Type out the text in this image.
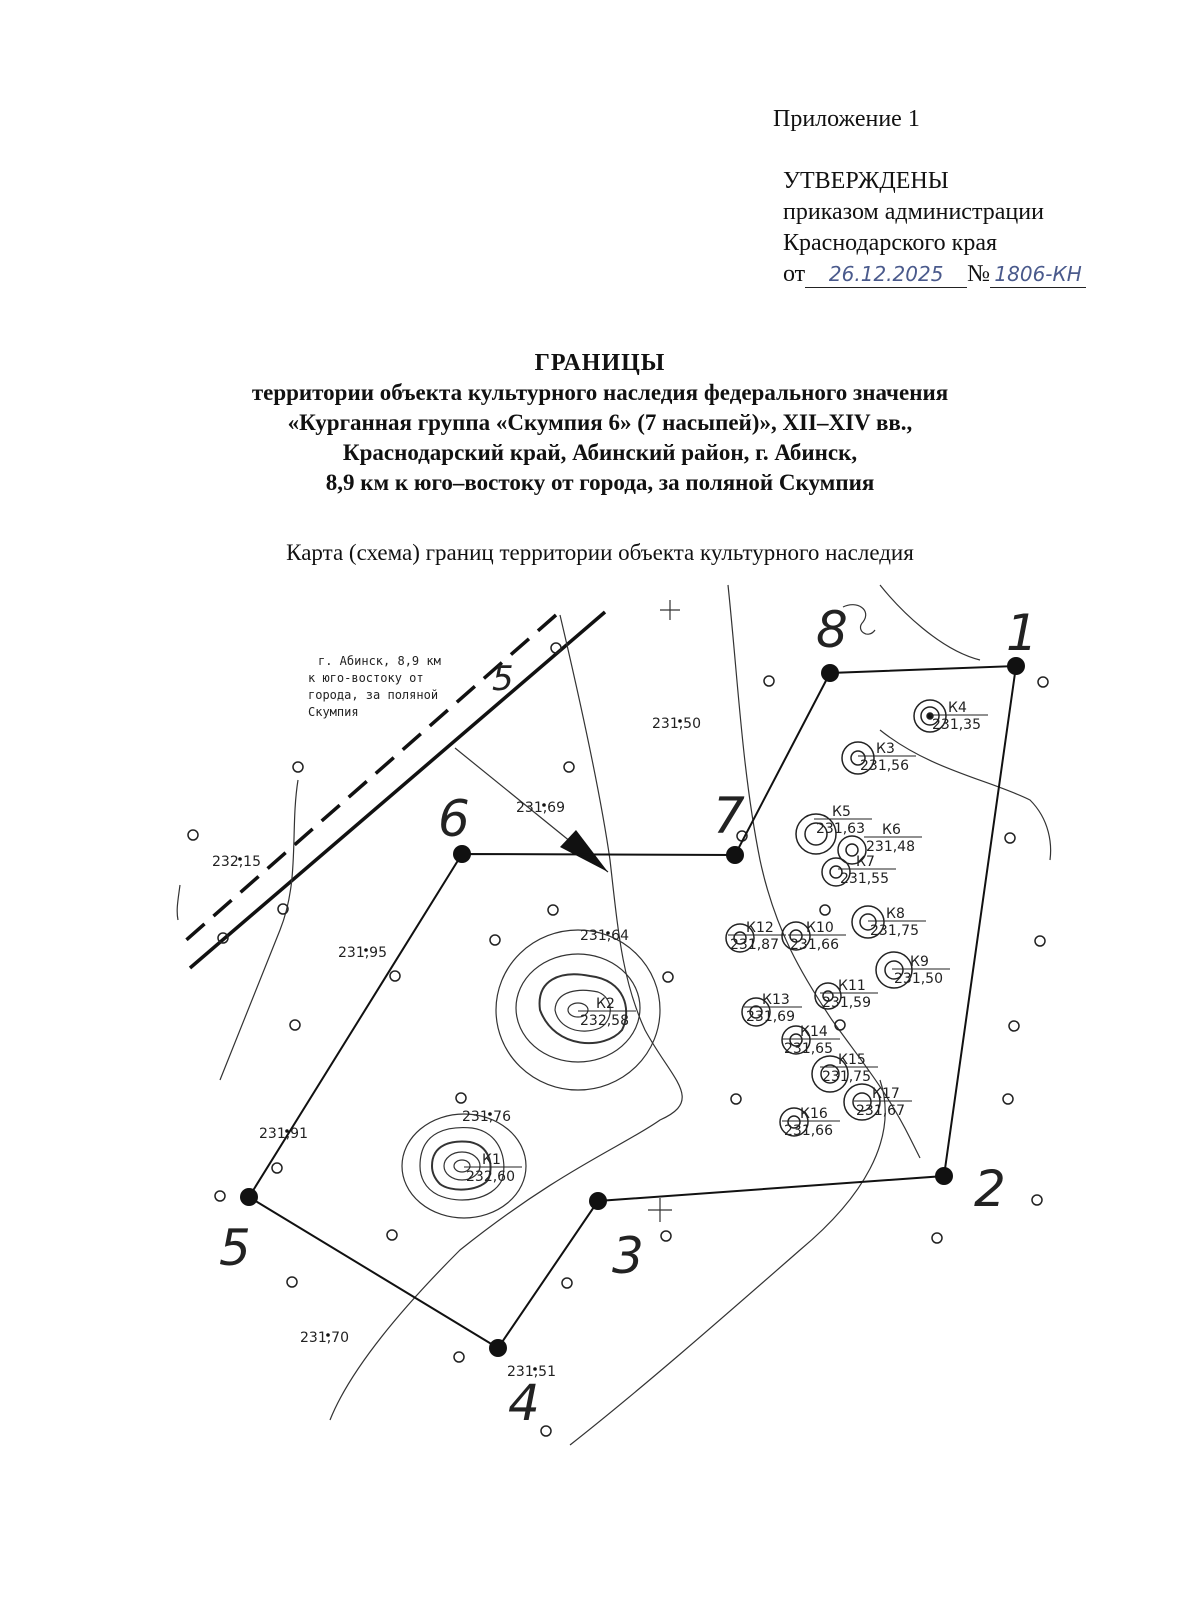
Приложение 1
УТВЕРЖДЕНЫ
приказом администрации
Краснодарского края
от 26.12.2025 № 1806-КН
ГРАНИЦЫ
территории объекта культурного наследия федерального значения
«Курганная группа «Скумпия 6» (7 насыпей)», XII–XIV вв.,
Краснодарский край, Абинский район, г. Абинск,
8,9 км к юго–востоку от города, за поляной Скумпия
Карта (схема) границ территории объекта культурного наследия
5
г. Абинск, 8,9 км
к юго-востоку от
города, за поляной
Скумпия
1
2
3
4
5
6	7
8
231,50
231,69
232,15
231,95
231,64
231,76
231,91
231,70
231,51
К1
232,60
К2
232,58
К3
231,56
К4
231,35
К5
231,63 К6
231,48
К7
231,55
К8
231,75
К9
231,50
К10
231,66
К11
231,59
К12
231,87
К13
231,69
К14
231,65
К15
231,75
К16
231,66
К17
231,67
